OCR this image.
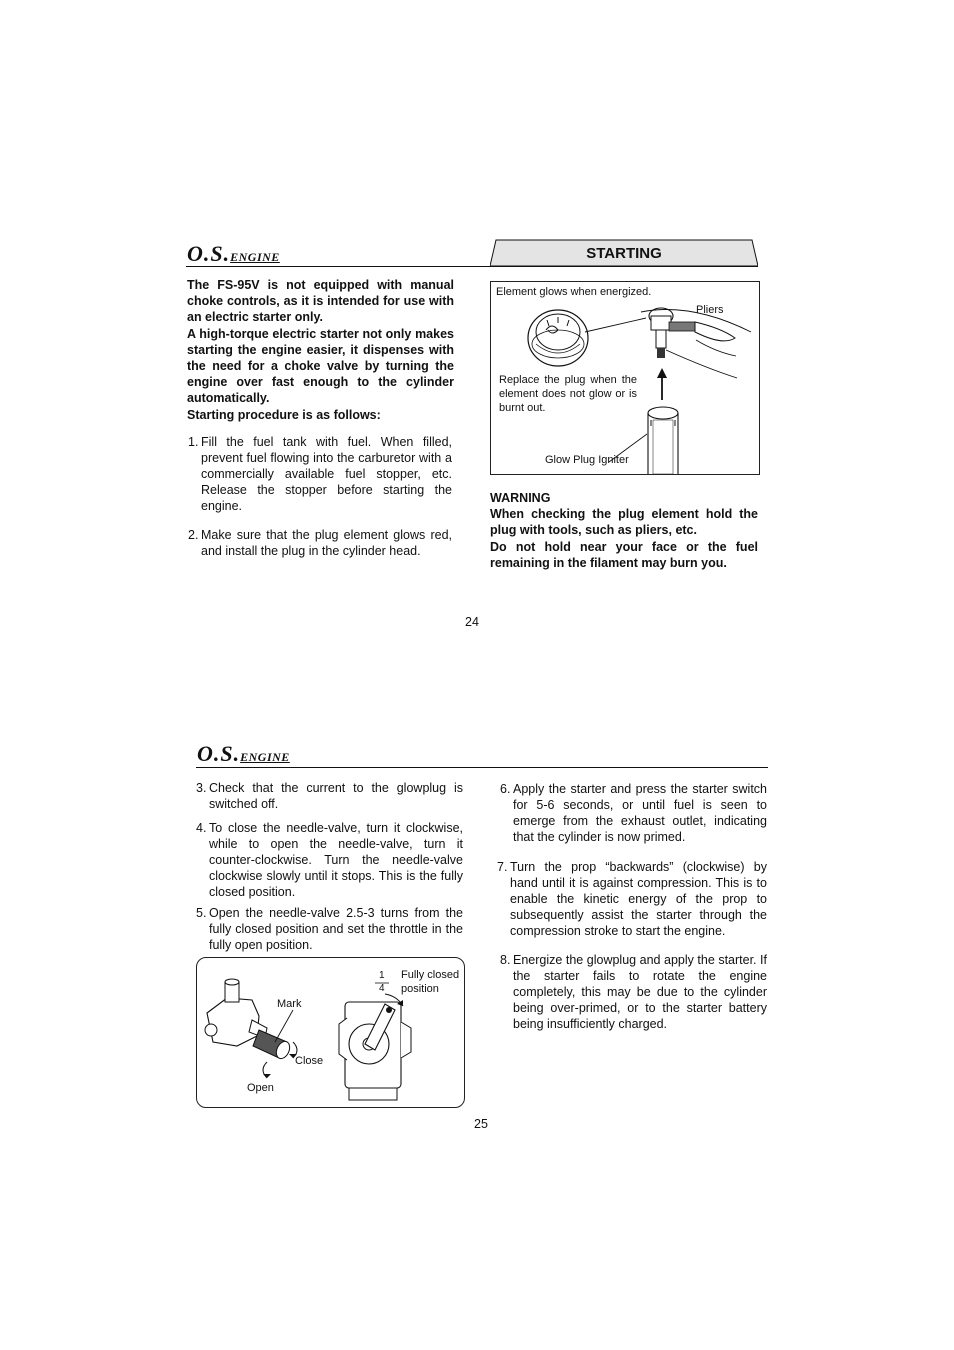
O.S.ENGINE	STARTING
The FS-95V is not equipped with manual choke controls, as it is intended for use with an electric starter only.
A high-torque electric starter not only makes starting the engine easier, it dispenses with the need for a choke valve by turning the engine over fast enough to the cylinder automatically.
Starting procedure is as follows:
1. Fill the fuel tank with fuel. When filled, prevent fuel flowing into the carburetor with a commercially available fuel stopper, etc. Release the stopper before starting the engine.
2. Make sure that the plug element glows red, and install the plug in the cylinder head.
Element glows when energized.
Pliers
Replace the plug when the element does not glow or is burnt out.
Glow Plug Igniter
WARNING
When checking the plug element hold the plug with tools, such as pliers, etc.
Do not hold near your face or the fuel remaining in the filament may burn you.
24
O.S.ENGINE
3. Check that the current to the glowplug is switched off.
4. To close the needle-valve, turn it clockwise, while to open the needle-valve, turn it counter-clockwise. Turn the needle-valve clockwise slowly until it stops. This is the fully closed position.
5. Open the needle-valve 2.5-3 turns from the fully closed position and set the throttle in the fully open position.
Mark
Close
Open
1
4
Fully closed position
6. Apply the starter and press the starter switch for 5-6 seconds, or until fuel is seen to emerge from the exhaust outlet, indicating that the cylinder is now primed.
7. Turn the prop “backwards” (clockwise) by hand until it is against compression. This is to enable the kinetic energy of the prop to subsequently assist the starter through the compression stroke to start the engine.
8. Energize the glowplug and apply the starter. If the starter fails to rotate the engine completely, this may be due to the cylinder being over-primed, or to the starter battery being insufficiently charged.
25
